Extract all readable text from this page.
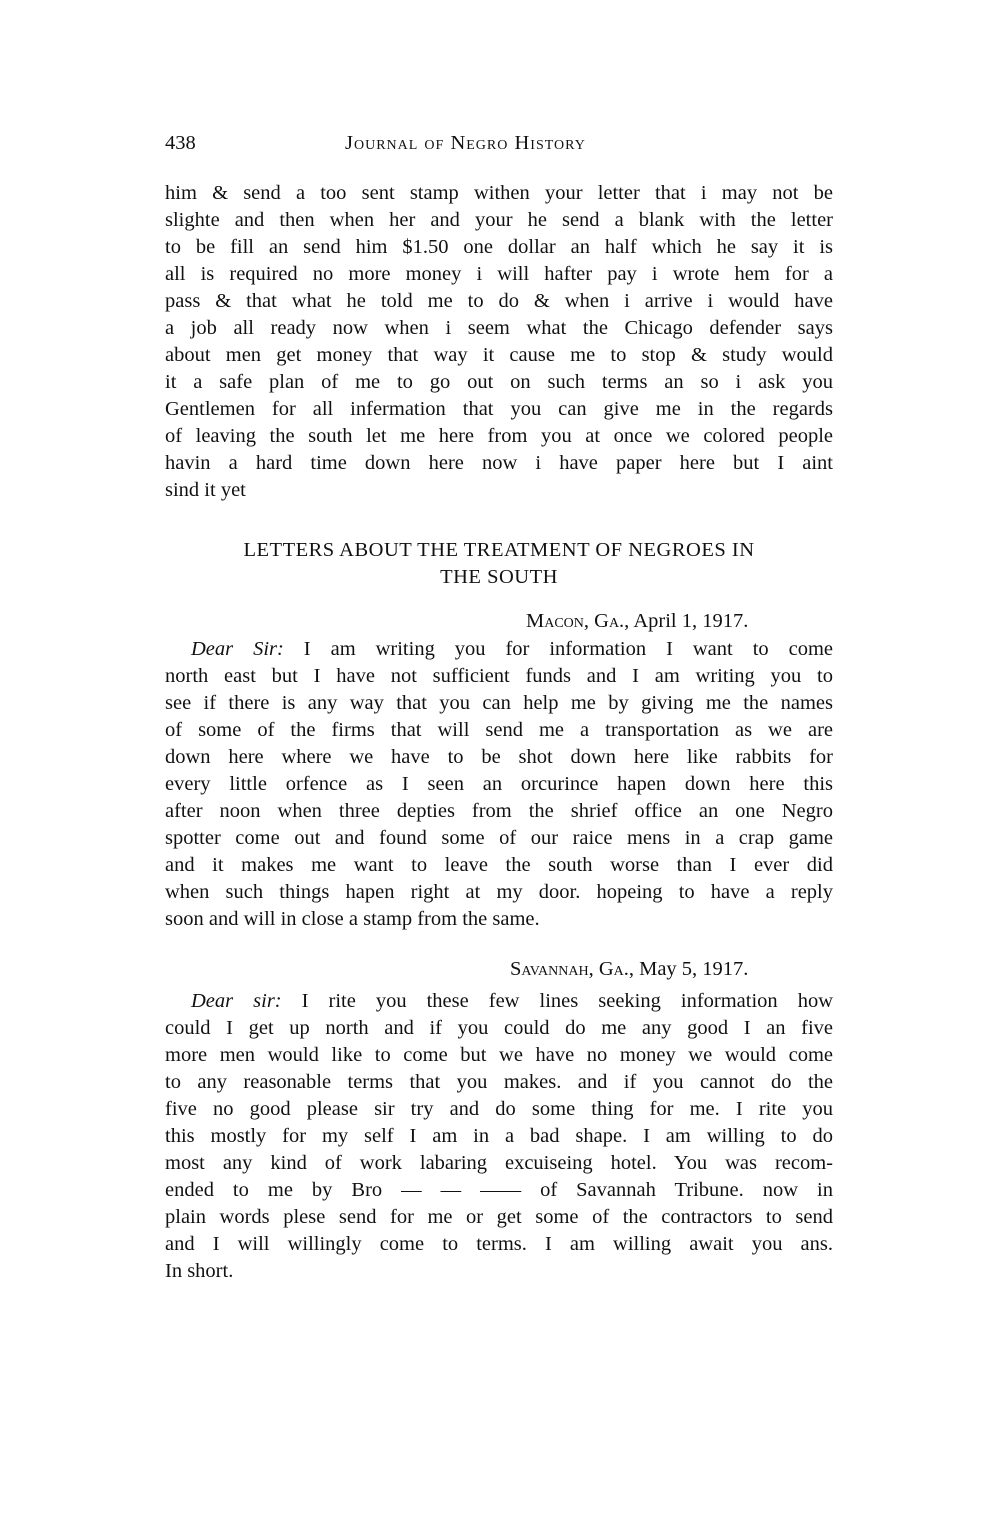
438	Journal of Negro History
him & send a too sent stamp withen your letter that i may not be
slighte and then when her and your he send a blank with the letter
to be fill an send him $1.50 one dollar an half which he say it is
all is required no more money i will hafter pay i wrote hem for a
pass & that what he told me to do & when i arrive i would have
a job all ready now when i seem what the Chicago defender says
about men get money that way it cause me to stop & study would
it a safe plan of me to go out on such terms an so i ask you
Gentlemen for all infermation that you can give me in the regards
of leaving the south let me here from you at once we colored people
havin a hard time down here now i have paper here but I aint
sind it yet
LETTERS ABOUT THE TREATMENT OF NEGROES IN
THE SOUTH
Macon, Ga., April 1, 1917.
Dear Sir: I am writing you for information I want to come
north east but I have not sufficient funds and I am writing you to
see if there is any way that you can help me by giving me the names
of some of the firms that will send me a transportation as we are
down here where we have to be shot down here like rabbits for
every little orfence as I seen an orcurince hapen down here this
after noon when three depties from the shrief office an one Negro
spotter come out and found some of our raice mens in a crap game
and it makes me want to leave the south worse than I ever did
when such things hapen right at my door. hopeing to have a reply
soon and will in close a stamp from the same.
Savannah, Ga., May 5, 1917.
Dear sir: I rite you these few lines seeking information how
could I get up north and if you could do me any good I an five
more men would like to come but we have no money we would come
to any reasonable terms that you makes. and if you cannot do the
five no good please sir try and do some thing for me. I rite you
this mostly for my self I am in a bad shape. I am willing to do
most any kind of work labaring excuiseing hotel. You was recom-
ended to me by Bro — — —— of Savannah Tribune. now in
plain words plese send for me or get some of the contractors to send
and I will willingly come to terms. I am willing await you ans.
In short.
